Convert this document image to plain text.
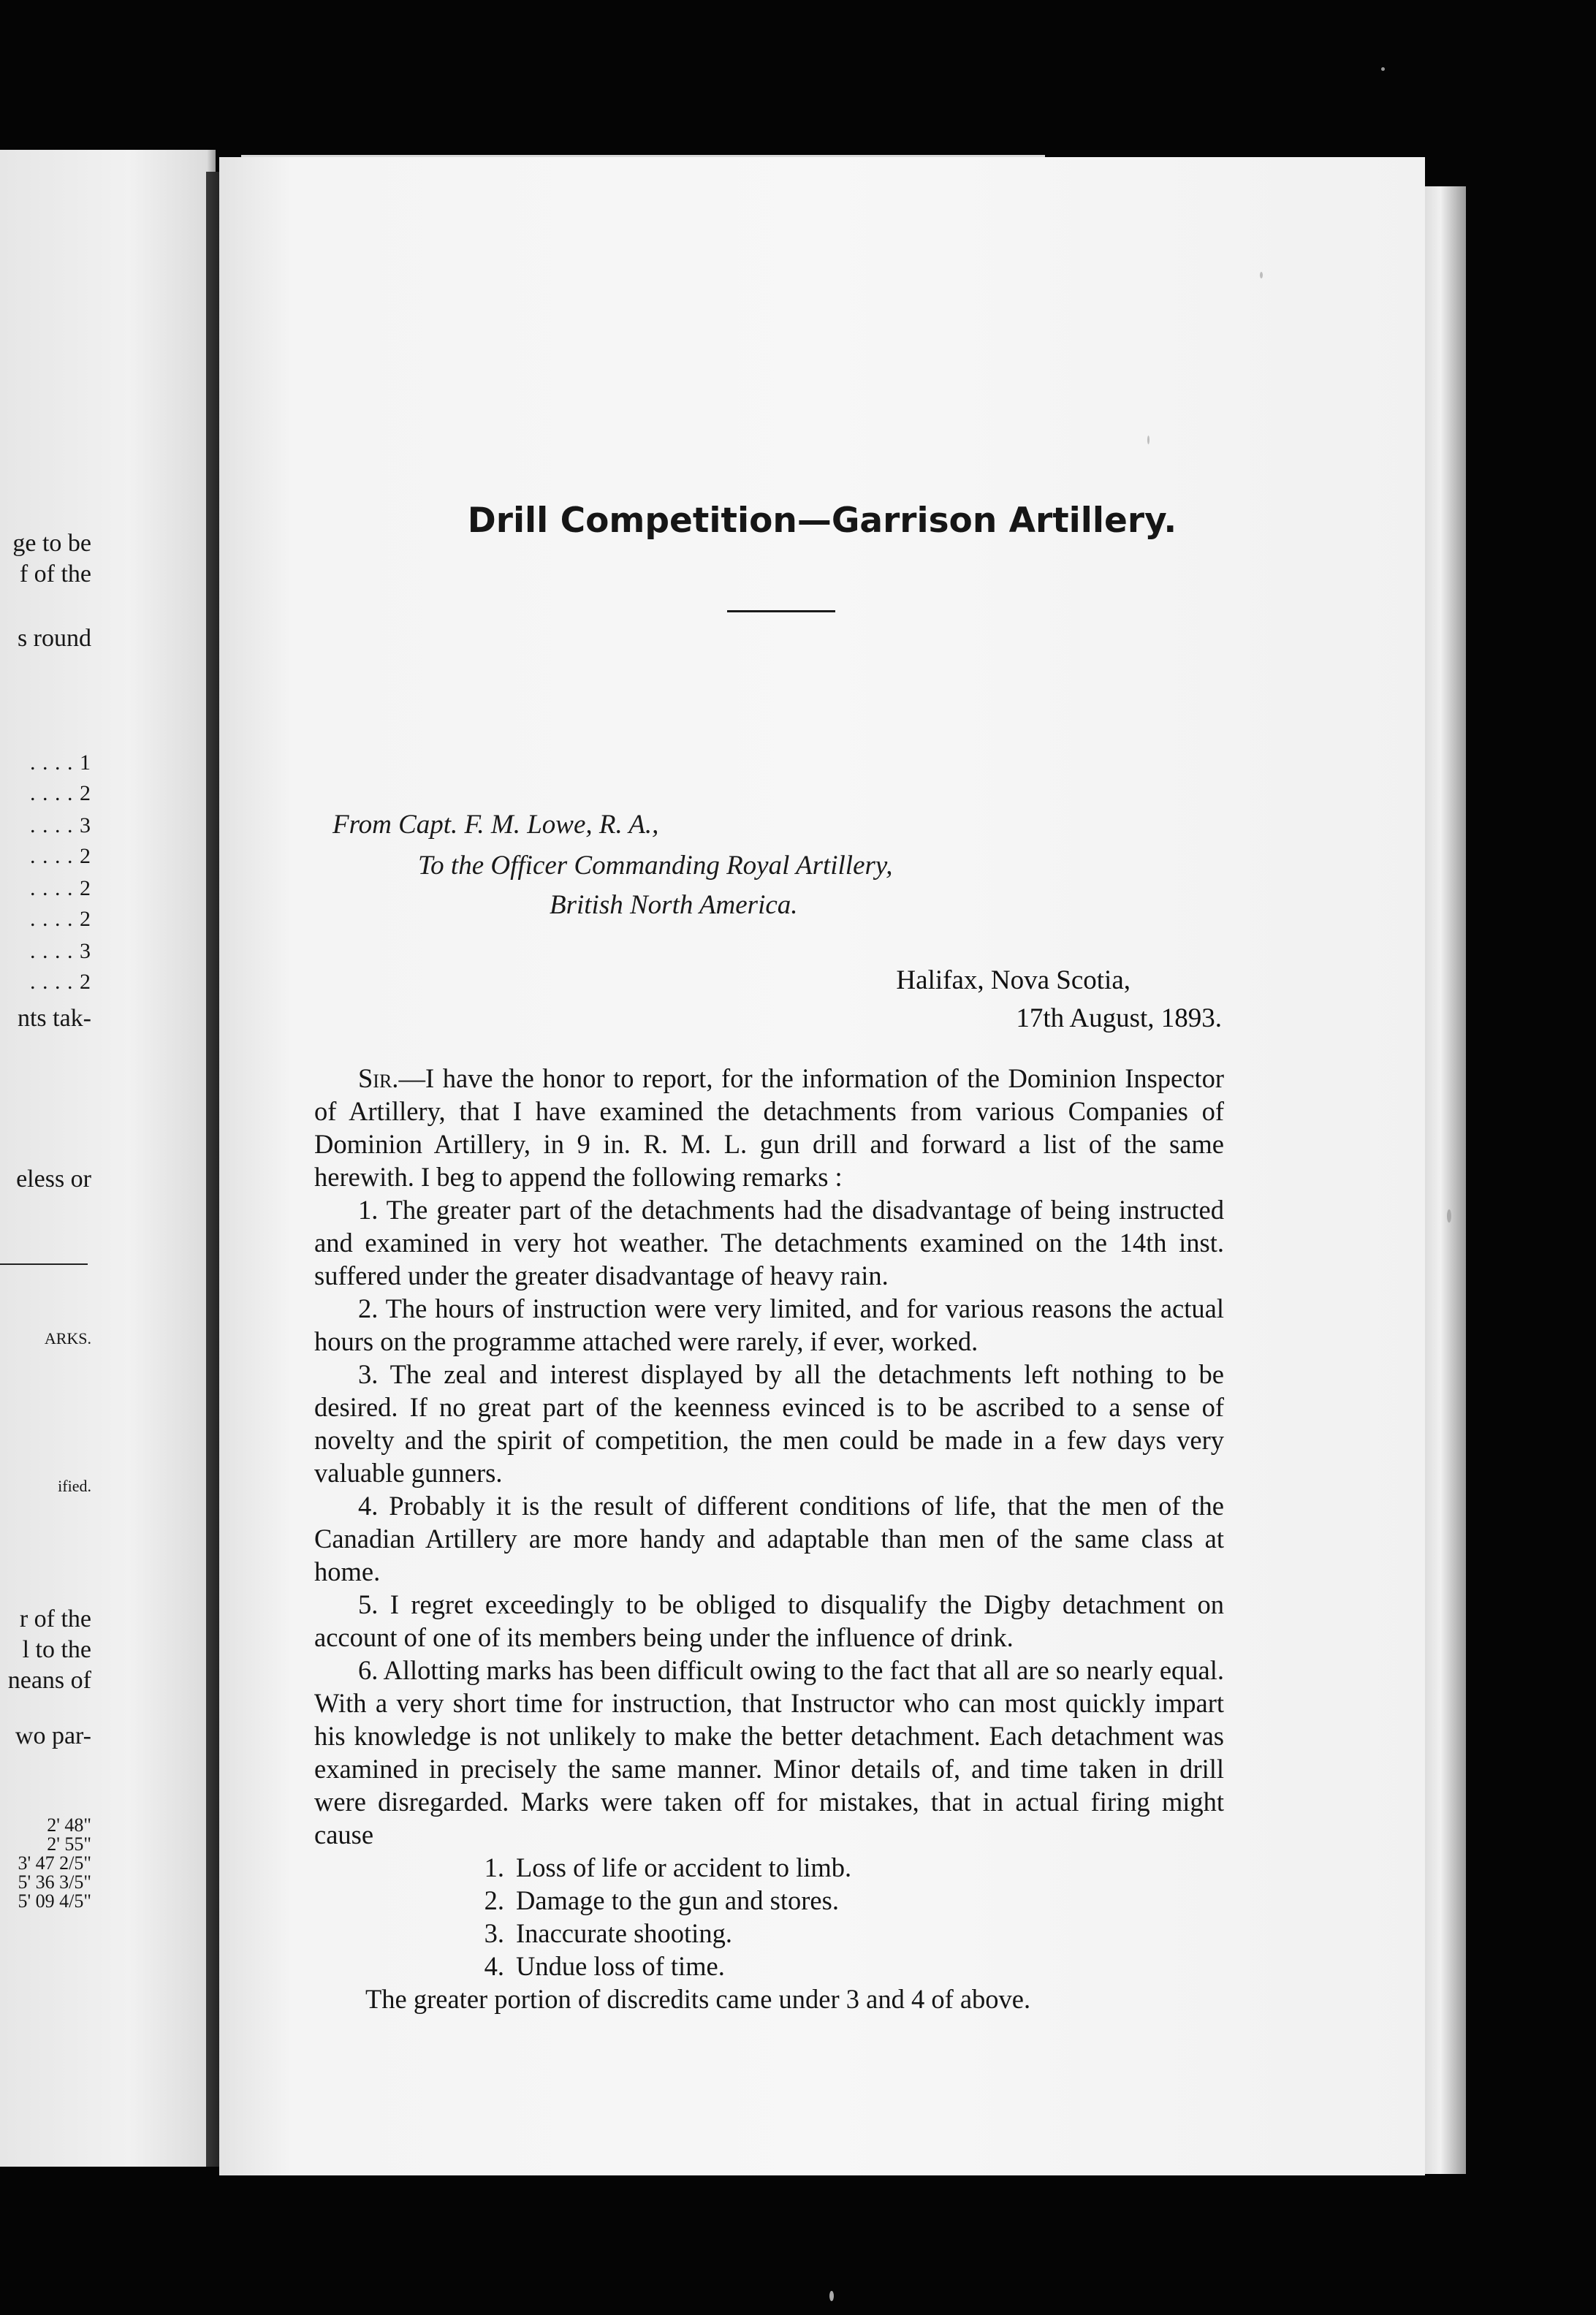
ge to be
f of the
s round
. . . . 1
. . . . 2
. . . . 3
. . . . 2
. . . . 2
. . . . 2
. . . . 3
. . . . 2
nts tak-
eless or
ARKS.
ified.
r of the
l to the
neans of
wo par-
2' 48"
2' 55"
3' 47 2/5"
5' 36 3/5"
5' 09 4/5"
Drill Competition—Garrison Artillery.
From Capt. F. M. Lowe, R. A.,
To the Officer Commanding Royal Artillery,
British North America.
Halifax, Nova Scotia,
17th August, 1893.

Sir.—I have the honor to report, for the information of the Dominion Inspector of Artillery, that I have examined the detachments from various Companies of Dominion Artillery, in 9 in. R. M. L. gun drill and forward a list of the same herewith. I beg to append the following remarks :

1. The greater part of the detachments had the disadvantage of being instructed and examined in very hot weather. The detachments examined on the 14th inst. suffered under the greater disadvantage of heavy rain.

2. The hours of instruction were very limited, and for various reasons the actual hours on the programme attached were rarely, if ever, worked.

3. The zeal and interest displayed by all the detachments left nothing to be desired. If no great part of the keenness evinced is to be ascribed to a sense of novelty and the spirit of competition, the men could be made in a few days very valuable gunners.

4. Probably it is the result of different conditions of life, that the men of the Canadian Artillery are more handy and adaptable than men of the same class at home.

5. I regret exceedingly to be obliged to disqualify the Digby detachment on account of one of its members being under the influence of drink.

6. Allotting marks has been difficult owing to the fact that all are so nearly equal. With a very short time for instruction, that Instructor who can most quickly impart his knowledge is not unlikely to make the better detachment. Each detachment was examined in precisely the same manner. Minor details of, and time taken in drill were disregarded. Marks were taken off for mistakes, that in actual firing might cause

1. Loss of life or accident to limb.
2. Damage to the gun and stores.
3. Inaccurate shooting.
4. Undue loss of time.

The greater portion of discredits came under 3 and 4 of above.
